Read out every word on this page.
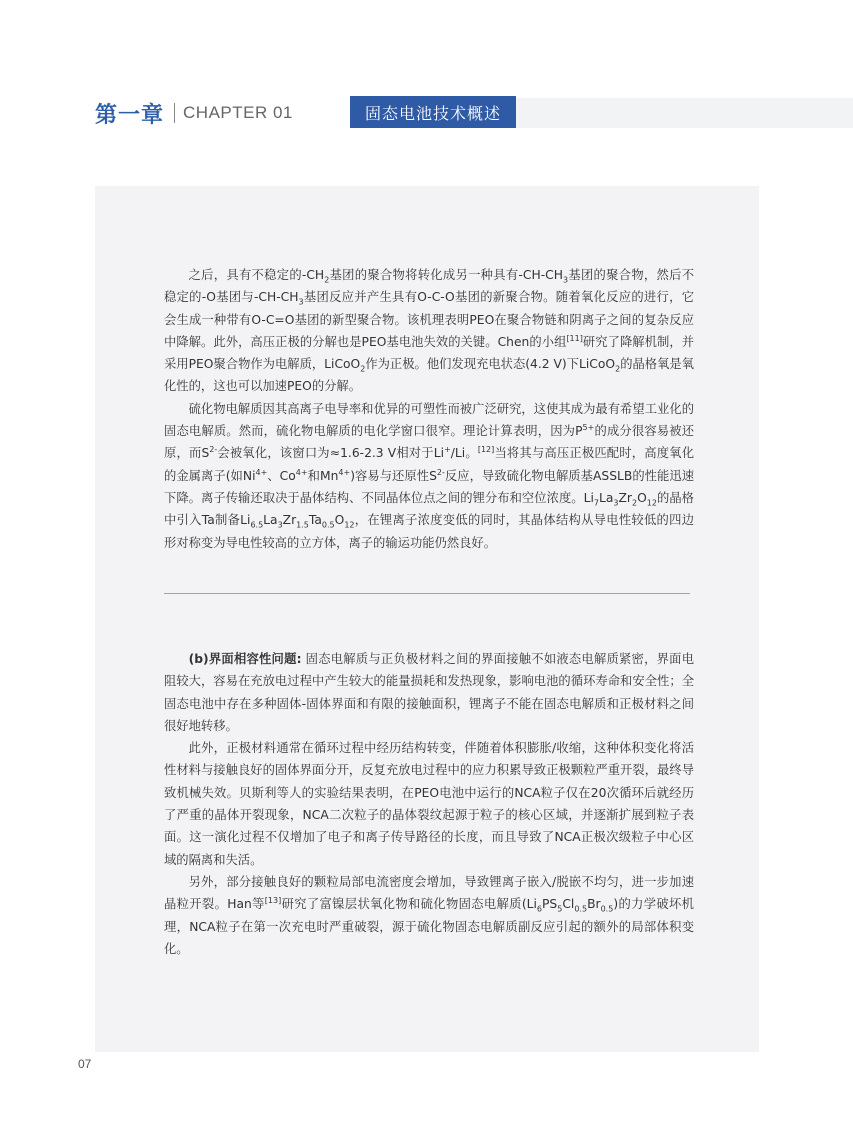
第一章 CHAPTER 01	固态电池技术概述

之后，具有不稳定的$-CH_2$基团的聚合物将转化成另一种具有$-CH-CH_3$基团的聚合物，然后不稳定的-O基团与$-CH-CH_3$基团反应并产生具有O-C-O基团的新聚合物。随着氧化反应的进行，它会生成一种带有O-C=O基团的新型聚合物。该机理表明PEO在聚合物链和阴离子之间的复杂反应中降解。此外，高压正极的分解也是PEO基电池失效的关键。Chen的小组[11]研究了降解机制，并采用PEO聚合物作为电解质，LiCoO$_2$作为正极。他们发现充电状态(4.2 V)下LiCoO$_2$的晶格氧是氧化性的，这也可以加速PEO的分解。

硫化物电解质因其高离子电导率和优异的可塑性而被广泛研究，这使其成为最有希望工业化的固态电解质。然而，硫化物电解质的电化学窗口很窄。理论计算表明，因为$P^{5+}$的成分很容易被还原，而$S^{2-}$会被氧化，该窗口为≈1.6-2.3 V相对于Li+/Li。[12]当将其与高压正极匹配时，高度氧化的金属离子(如$Ni^{4+}$、$Co^{4+}$和$Mn^{4+}$)容易与还原性$S^{2-}$反应，导致硫化物电解质基ASSLB的性能迅速下降。离子传输还取决于晶体结构、不同晶体位点之间的锂分布和空位浓度。$Li_7La_3Zr_2O_{12}$的晶格中引入Ta制备$Li_{6.5}La_3Zr_{1.5}Ta_{0.5}O_{12}$，在锂离子浓度变低的同时，其晶体结构从导电性较低的四边形对称变为导电性较高的立方体，离子的输运功能仍然良好。

(b)界面相容性问题: 固态电解质与正负极材料之间的界面接触不如液态电解质紧密，界面电阻较大，容易在充放电过程中产生较大的能量损耗和发热现象，影响电池的循环寿命和安全性；全固态电池中存在多种固体-固体界面和有限的接触面积，锂离子不能在固态电解质和正极材料之间很好地转移。

此外，正极材料通常在循环过程中经历结构转变，伴随着体积膨胀/收缩，这种体积变化将活性材料与接触良好的固体界面分开，反复充放电过程中的应力积累导致正极颗粒严重开裂，最终导致机械失效。贝斯利等人的实验结果表明，在PEO电池中运行的NCA粒子仅在20次循环后就经历了严重的晶体开裂现象，NCA二次粒子的晶体裂纹起源于粒子的核心区域，并逐渐扩展到粒子表面。这一演化过程不仅增加了电子和离子传导路径的长度，而且导致了NCA正极次级粒子中心区域的隔离和失活。

另外，部分接触良好的颗粒局部电流密度会增加，导致锂离子嵌入/脱嵌不均匀，进一步加速晶粒开裂。Han等[13]研究了富镍层状氧化物和硫化物固态电解质$(Li_6PS_5Cl_{0.5}Br_{0.5})$的力学破坏机理，NCA粒子在第一次充电时严重破裂，源于硫化物固态电解质副反应引起的额外的局部体积变化。

07
